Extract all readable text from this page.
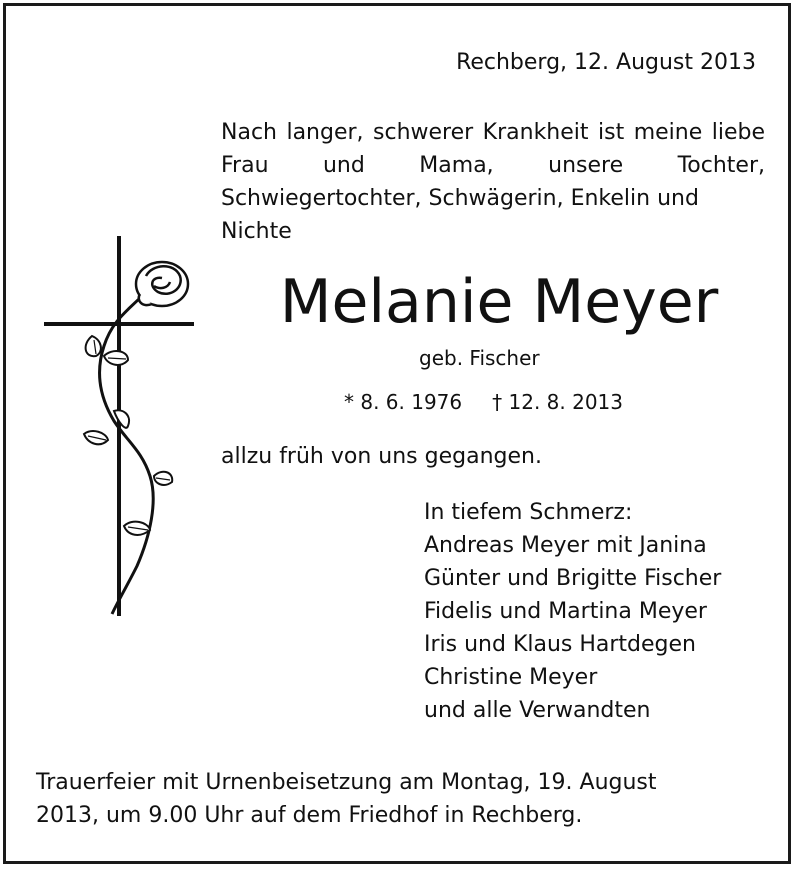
Rechberg, 12. August 2013
Nach langer, schwerer Krankheit ist meine liebe Frau und Mama, unsere Tochter, Schwiegertochter, Schwägerin, Enkelin und
Nichte
Melanie Meyer
geb. Fischer
* 8. 6. 1976 † 12. 8. 2013
allzu früh von uns gegangen.
In tiefem Schmerz:
Andreas Meyer mit Janina
Günter und Brigitte Fischer
Fidelis und Martina Meyer
Iris und Klaus Hartdegen
Christine Meyer
und alle Verwandten
Trauerfeier mit Urnenbeisetzung am Montag, 19. August
2013, um 9.00 Uhr auf dem Friedhof in Rechberg.
